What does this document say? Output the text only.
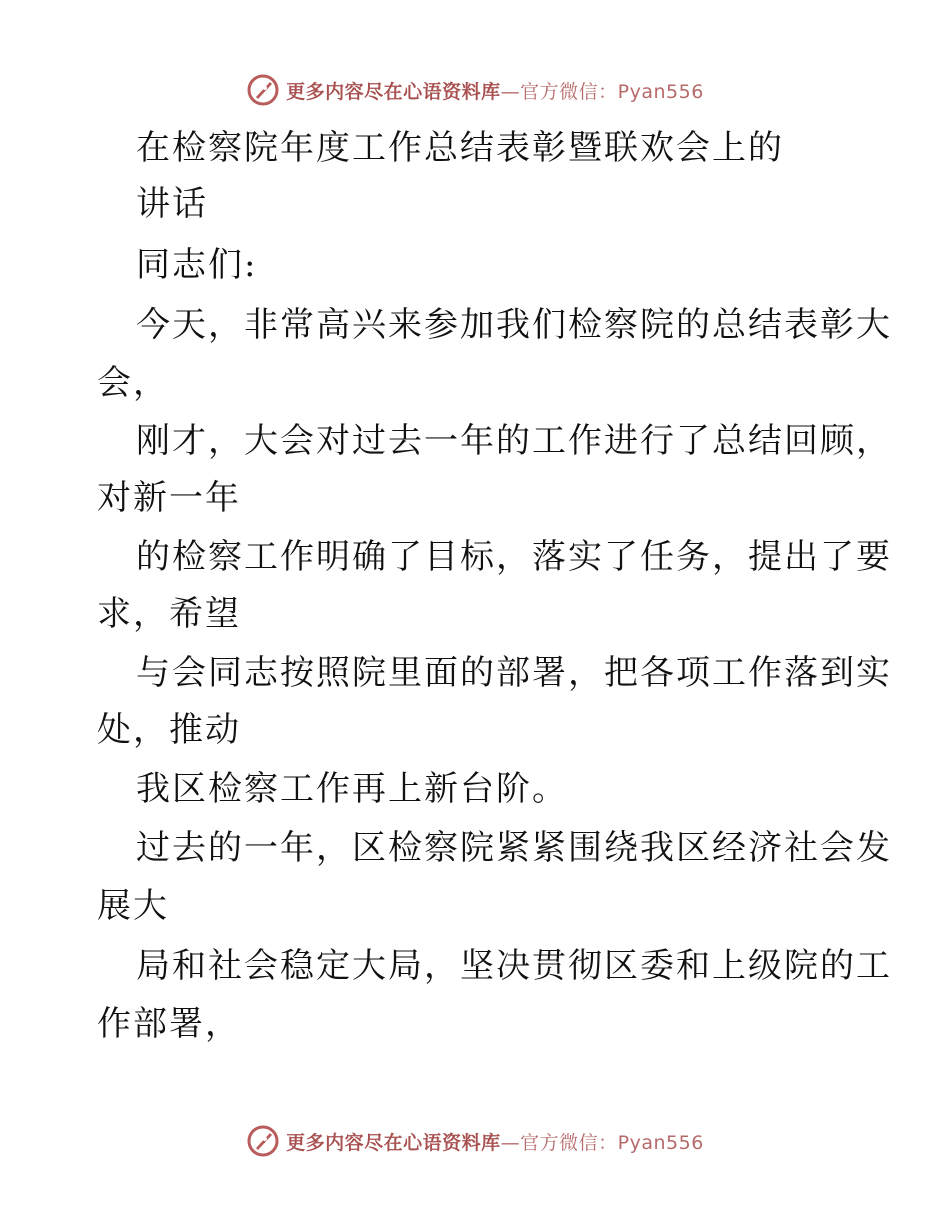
更多内容尽在心语资料库—官方微信：Pyan556
在检察院年度工作总结表彰暨联欢会上的
讲话
同志们:
今天，非常高兴来参加我们检察院的总结表彰大
会，
刚才，大会对过去一年的工作进行了总结回顾，
对新一年
的检察工作明确了目标，落实了任务，提出了要
求，希望
与会同志按照院里面的部署，把各项工作落到实
处，推动
我区检察工作再上新台阶。
过去的一年，区检察院紧紧围绕我区经济社会发
展大
局和社会稳定大局，坚决贯彻区委和上级院的工
作部署，
更多内容尽在心语资料库—官方微信：Pyan556
